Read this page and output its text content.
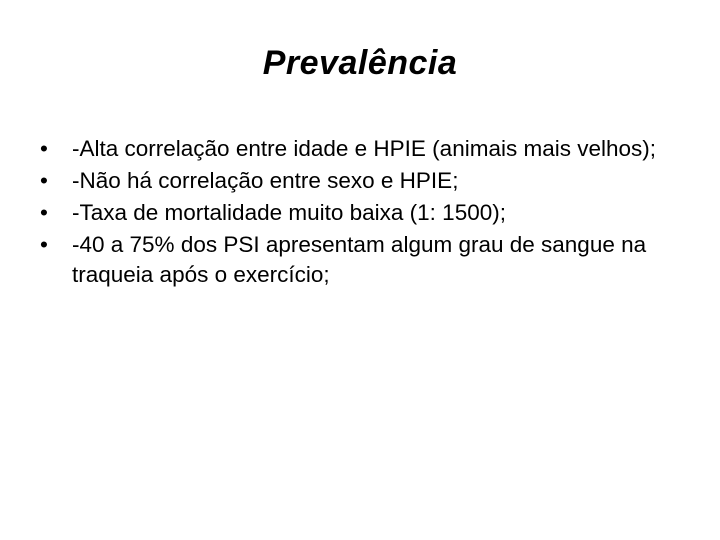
Prevalência
•	-Alta correlação entre idade e HPIE (animais mais velhos);
•	-Não há correlação entre sexo e HPIE;
•	-Taxa de mortalidade muito baixa (1: 1500);
•	-40 a 75% dos PSI apresentam algum grau de sangue na traqueia após o exercício;
